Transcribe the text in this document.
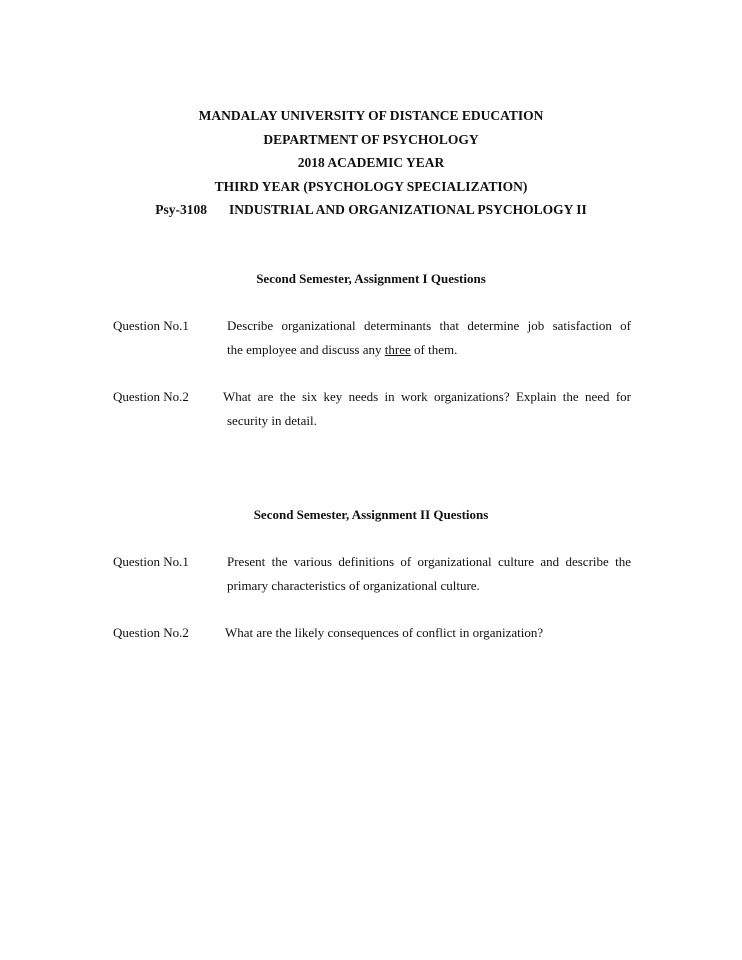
MANDALAY UNIVERSITY OF DISTANCE EDUCATION
DEPARTMENT OF PSYCHOLOGY
2018 ACADEMIC YEAR
THIRD YEAR (PSYCHOLOGY SPECIALIZATION)
Psy-3108 INDUSTRIAL AND ORGANIZATIONAL PSYCHOLOGY II
Second Semester, Assignment I Questions
Question No.1	Describe organizational determinants that determine job satisfaction of
the employee and discuss any three of them.
Question No.2	What are the six key needs in work organizations? Explain the need for
security in detail.
Second Semester, Assignment II Questions
Question No.1	Present the various definitions of organizational culture and describe the
primary characteristics of organizational culture.
Question No.2	What are the likely consequences of conflict in organization?
